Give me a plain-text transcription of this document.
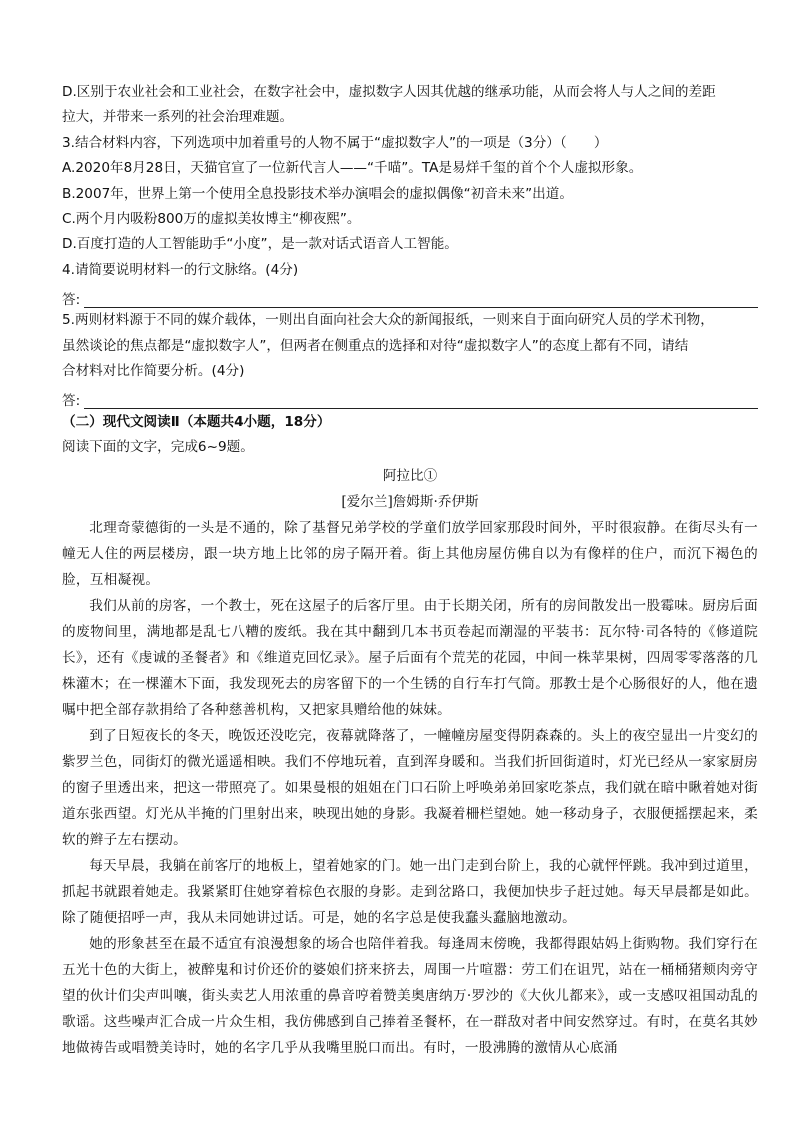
D.区别于农业社会和工业社会，在数字社会中，虚拟数字人因其优越的继承功能，从而会将人与人之间的差距
拉大，并带来一系列的社会治理难题。
3.结合材料内容，下列选项中加着重号的人物不属于“虚拟数字人”的一项是（3分）（　　）
A.2020年8月28日，天猫官宣了一位新代言人——“千喵”。TA是易烊千玺的首个个人虚拟形象。
B.2007年，世界上第一个使用全息投影技术举办演唱会的虚拟偶像“初音未来”出道。
C.两个月内吸粉800万的虚拟美妆博主“柳夜熙”。
D.百度打造的人工智能助手“小度”，是一款对话式语音人工智能。
4.请简要说明材料一的行文脉络。(4分)
答:
5.两则材料源于不同的媒介载体，一则出自面向社会大众的新闻报纸，一则来自于面向研究人员的学术刊物，
虽然谈论的焦点都是“虚拟数字人”，但两者在侧重点的选择和对待“虚拟数字人”的态度上都有不同，请结
合材料对比作简要分析。(4分)
答:
（二）现代文阅读Ⅱ（本题共4小题，18分）
阅读下面的文字，完成6~9题。
阿拉比①
[爱尔兰]詹姆斯·乔伊斯

北理奇蒙德街的一头是不通的，除了基督兄弟学校的学童们放学回家那段时间外，平时很寂静。在街尽头有一幢无人住的两层楼房，跟一块方地上比邻的房子隔开着。街上其他房屋仿佛自以为有像样的住户，而沉下褐色的脸，互相凝视。

我们从前的房客，一个教士，死在这屋子的后客厅里。由于长期关闭，所有的房间散发出一股霉味。厨房后面的废物间里，满地都是乱七八糟的废纸。我在其中翻到几本书页卷起而潮湿的平装书：瓦尔特·司各特的《修道院长》，还有《虔诚的圣餐者》和《维道克回忆录》。屋子后面有个荒芜的花园，中间一株苹果树，四周零零落落的几株灌木；在一棵灌木下面，我发现死去的房客留下的一个生锈的自行车打气筒。那教士是个心肠很好的人，他在遗嘱中把全部存款捐给了各种慈善机构，又把家具赠给他的妹妹。

到了日短夜长的冬天，晚饭还没吃完，夜幕就降落了，一幢幢房屋变得阴森森的。头上的夜空显出一片变幻的紫罗兰色，同街灯的微光遥遥相映。我们不停地玩着，直到浑身暖和。当我们折回街道时，灯光已经从一家家厨房的窗子里透出来，把这一带照亮了。如果曼根的姐姐在门口石阶上呼唤弟弟回家吃茶点，我们就在暗中瞅着她对街道东张西望。灯光从半掩的门里射出来，映现出她的身影。我凝着柵栏望她。她一移动身子，衣服便摇摆起来，柔软的辫子左右摆动。

每天早晨，我躺在前客厅的地板上，望着她家的门。她一出门走到台阶上，我的心就怦怦跳。我冲到过道里，抓起书就跟着她走。我紧紧盯住她穿着棕色衣服的身影。走到岔路口，我便加快步子赶过她。每天早晨都是如此。除了随便招呼一声，我从未同她讲过话。可是，她的名字总是使我蠢头蠢脑地激动。

她的形象甚至在最不适宜有浪漫想象的场合也陪伴着我。每逢周末傍晚，我都得跟姑妈上街购物。我们穿行在五光十色的大街上，被醉鬼和讨价还价的婆娘们挤来挤去，周围一片喧嚣：劳工们在诅咒，站在一桶桶猪颊肉旁守望的伙计们尖声叫嚷，街头卖艺人用浓重的鼻音哼着赞美奥唐纳万·罗沙的《大伙儿都来》，或一支感叹祖国动乱的歌谣。这些噪声汇合成一片众生相，我仿佛感到自己捧着圣餐杯，在一群敌对者中间安然穿过。有时，在莫名其妙地做祷告或唱赞美诗时，她的名字几乎从我嘴里脱口而出。有时，一股沸腾的激情从心底涌
